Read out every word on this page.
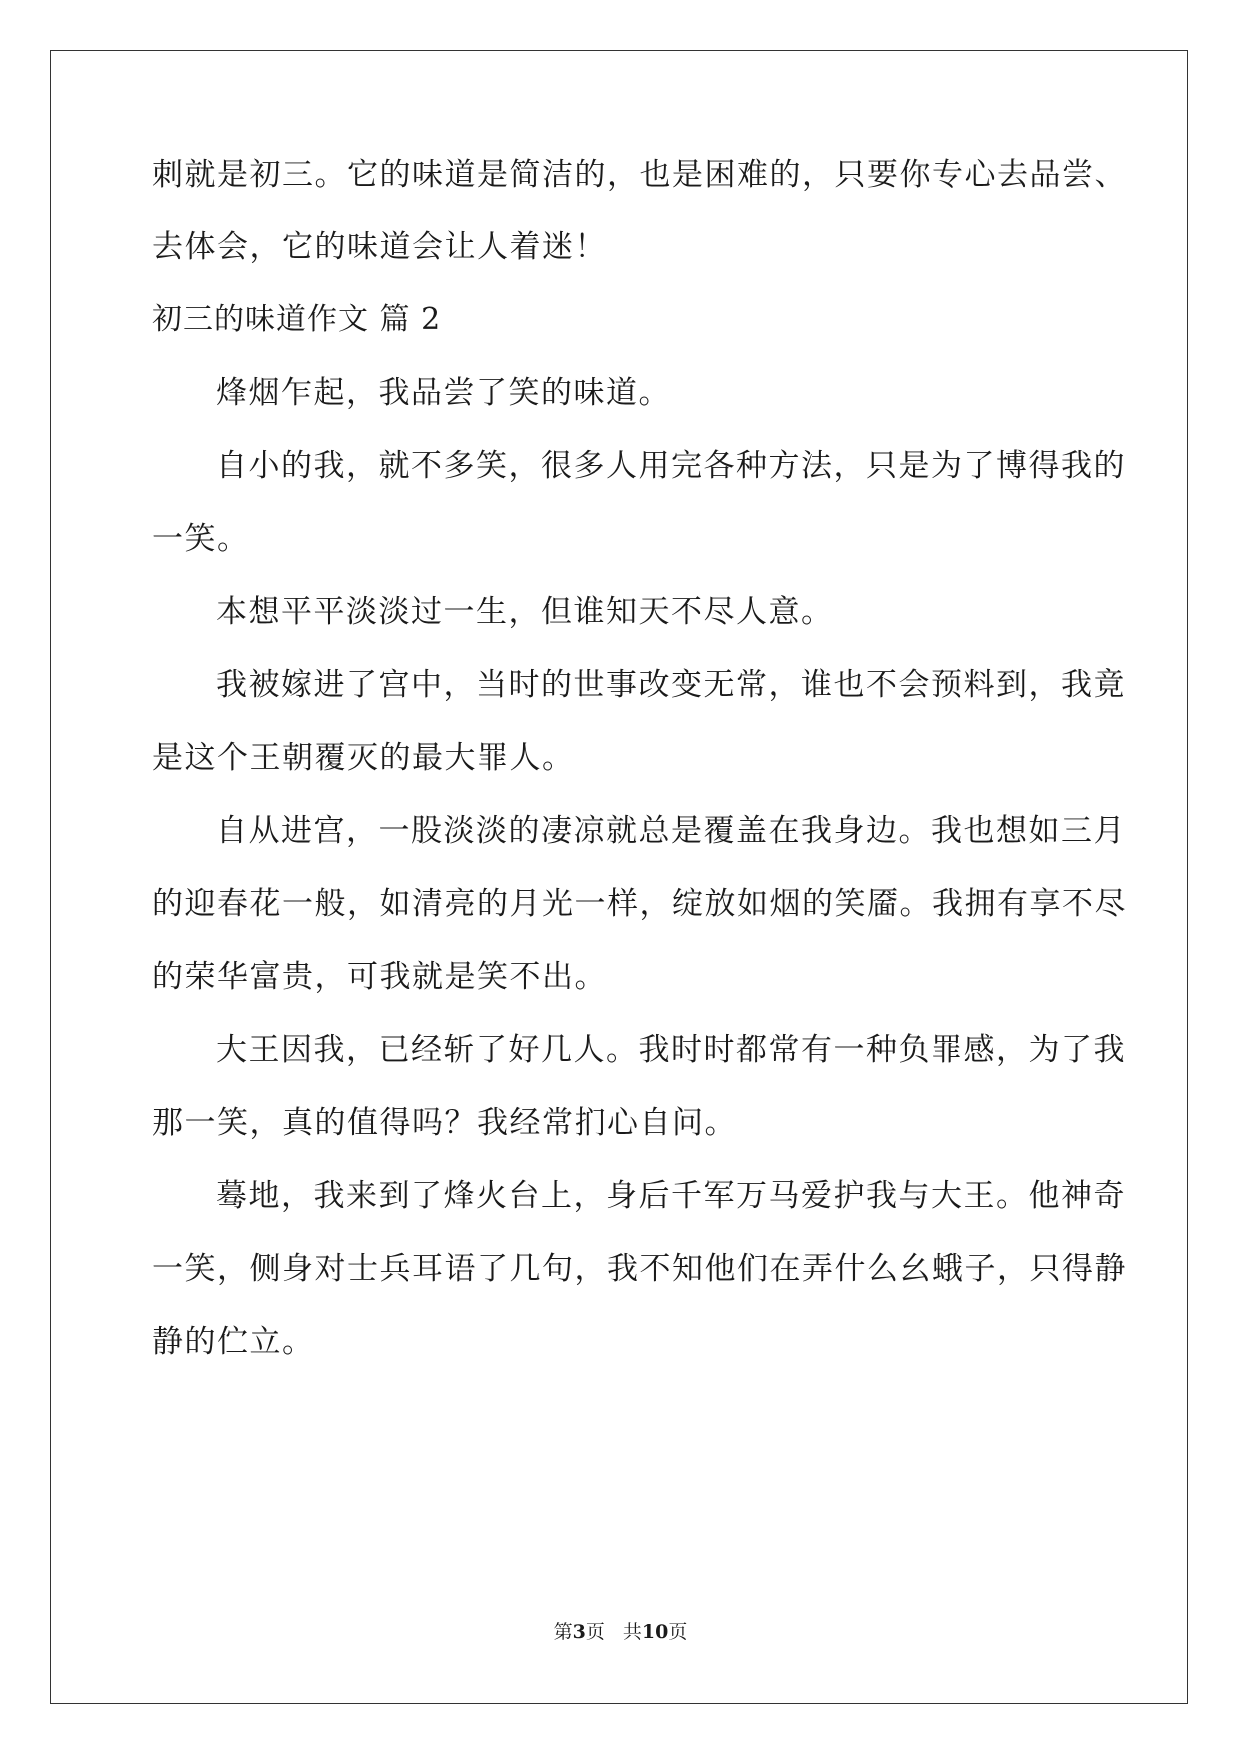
刺就是初三。它的味道是简洁的，也是困难的，只要你专心去品尝、
去体会，它的味道会让人着迷！
初三的味道作文 篇 2
烽烟乍起，我品尝了笑的味道。
自小的我，就不多笑，很多人用完各种方法，只是为了博得我的
一笑。
本想平平淡淡过一生，但谁知天不尽人意。
我被嫁进了宫中，当时的世事改变无常，谁也不会预料到，我竟
是这个王朝覆灭的最大罪人。
自从进宫，一股淡淡的凄凉就总是覆盖在我身边。我也想如三月
的迎春花一般，如清亮的月光一样，绽放如烟的笑靥。我拥有享不尽
的荣华富贵，可我就是笑不出。
大王因我，已经斩了好几人。我时时都常有一种负罪感，为了我
那一笑，真的值得吗？我经常扪心自问。
蓦地，我来到了烽火台上，身后千军万马爱护我与大王。他神奇
一笑，侧身对士兵耳语了几句，我不知他们在弄什么幺蛾子，只得静
静的伫立。
第3页 共10页
